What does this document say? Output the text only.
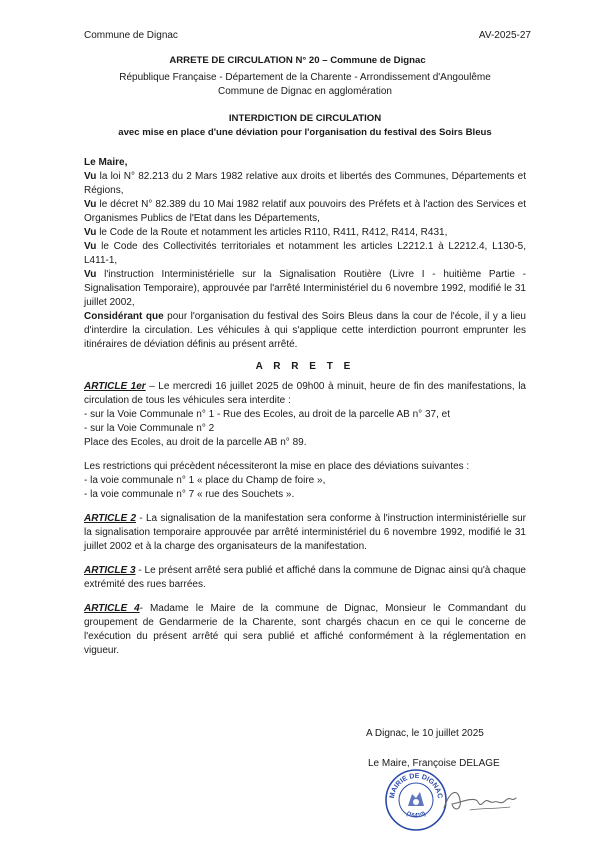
Commune de Dignac	AV-2025-27
ARRETE DE CIRCULATION N° 20 – Commune de Dignac
République Française - Département de la Charente - Arrondissement d'Angoulême
Commune de Dignac en agglomération
INTERDICTION DE CIRCULATION
avec mise en place d'une déviation pour l'organisation du festival des Soirs Bleus

Le Maire,

Vu la loi N° 82.213 du 2 Mars 1982 relative aux droits et libertés des Communes, Départements et Régions,

Vu le décret N° 82.389 du 10 Mai 1982 relatif aux pouvoirs des Préfets et à l'action des Services et Organismes Publics de l'Etat dans les Départements,

Vu le Code de la Route et notamment les articles R110, R411, R412, R414, R431,

Vu le Code des Collectivités territoriales et notamment les articles L2212.1 à L2212.4, L130-5, L411-1,

Vu l'instruction Interministérielle sur la Signalisation Routière (Livre I - huitième Partie - Signalisation Temporaire), approuvée par l'arrêté Interministériel du 6 novembre 1992, modifié le 31 juillet 2002,

Considérant que pour l'organisation du festival des Soirs Bleus dans la cour de l'école, il y a lieu d'interdire la circulation. Les véhicules à qui s'applique cette interdiction pourront emprunter les itinéraires de déviation définis au présent arrêté.

A R R E T E

ARTICLE 1er – Le mercredi 16 juillet 2025 de 09h00 à minuit, heure de fin des manifestations, la circulation de tous les véhicules sera interdite :

- sur la Voie Communale n° 1 - Rue des Ecoles, au droit de la parcelle AB n° 37, et

- sur la Voie Communale n° 2

Place des Ecoles, au droit de la parcelle AB n° 89.

Les restrictions qui précèdent nécessiteront la mise en place des déviations suivantes :

- la voie communale n° 1 « place du Champ de foire »,

- la voie communale n° 7 « rue des Souchets ».

ARTICLE 2 - La signalisation de la manifestation sera conforme à l'instruction interministérielle sur la signalisation temporaire approuvée par arrêté interministériel du 6 novembre 1992, modifié le 31 juillet 2002 et à la charge des organisateurs de la manifestation.

ARTICLE 3 - Le présent arrêté sera publié et affiché dans la commune de Dignac ainsi qu'à chaque extrémité des rues barrées.

ARTICLE 4- Madame le Maire de la commune de Dignac, Monsieur le Commandant du groupement de Gendarmerie de la Charente, sont chargés chacun en ce qui le concerne de l'exécution du présent arrêté qui sera publié et affiché conformément à la réglementation en vigueur.

A Dignac, le 10 juillet 2025
Le Maire, Françoise DELAGE
MAIRIE DE DIGNAC
(16410)
